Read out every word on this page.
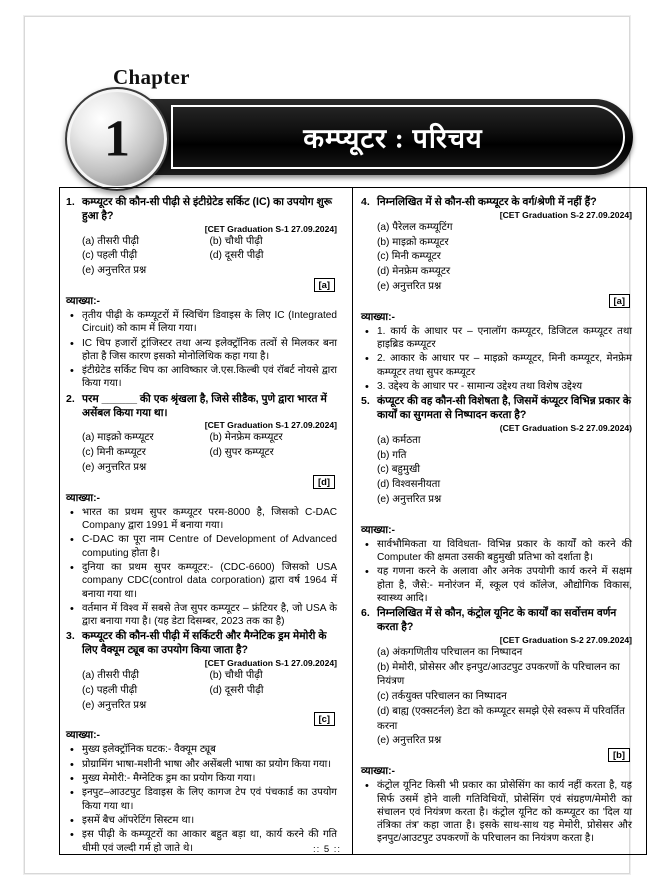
Chapter
कम्प्यूटर : परिचय
1
1. कम्प्यूटर की कौन-सी पीढ़ी से इंटीग्रेटेड सर्किट (IC) का उपयोग शुरू हुआ है?
[CET Graduation S-1 27.09.2024]
(a) तीसरी पीढ़ी	(b) चौथी पीढ़ी
(c) पहली पीढ़ी	(d) दूसरी पीढ़ी
(e) अनुत्तरित प्रश्न
[a]
व्याख्या:-
• तृतीय पीढ़ी के कम्प्यूटरों में स्विचिंग डिवाइस के लिए IC (Integrated Circuit) को काम में लिया गया।
• IC चिप हजारों ट्रांजिस्टर तथा अन्य इलेक्ट्रॉनिक तत्वों से मिलकर बना होता है जिस कारण इसको मोनोलिथिक कहा गया है।
• इंटीग्रेटेड सर्किट चिप का आविष्कार जे.एस.किल्बी एवं रॉबर्ट नोयसे द्वारा किया गया।
2. परम ______ की एक श्रृंखला है, जिसे सीडैक, पुणे द्वारा भारत में असेंबल किया गया था।
[CET Graduation S-1 27.09.2024]
(a) माइक्रो कम्प्यूटर	(b) मेनफ्रेम कम्प्यूटर
(c) मिनी कम्प्यूटर	(d) सुपर कम्प्यूटर
(e) अनुत्तरित प्रश्न
[d]
व्याख्या:-
• भारत का प्रथम सुपर कम्प्यूटर परम-8000 है, जिसको C-DAC Company द्वारा 1991 में बनाया गया।
• C-DAC का पूरा नाम Centre of Development of Advanced computing होता है।
• दुनिया का प्रथम सुपर कम्प्यूटर:- (CDC-6600) जिसको USA company CDC(control data corporation) द्वारा वर्ष 1964 में बनाया गया था।
• वर्तमान में विश्व में सबसे तेज सुपर कम्प्यूटर – फ्रंटियर है, जो USA के द्वारा बनाया गया है। (यह डेटा दिसम्बर, 2023 तक का है)
3. कम्प्यूटर की कौन-सी पीढ़ी में सर्किटरी और मैग्नेटिक ड्रम मेमोरी के लिए वैक्यूम ट्यूब का उपयोग किया जाता है?
[CET Graduation S-1 27.09.2024]
(a) तीसरी पीढ़ी	(b) चौथी पीढ़ी
(c) पहली पीढ़ी	(d) दूसरी पीढ़ी
(e) अनुत्तरित प्रश्न
[c]
व्याख्या:-
• मुख्य इलेक्ट्रॉनिक घटक:- वैक्यूम ट्यूब
• प्रोग्रामिंग भाषा-मशीनी भाषा और असेंबली भाषा का प्रयोग किया गया।
• मुख्य मेमोरी:- मैग्नेटिक ड्रम का प्रयोग किया गया।
• इनपुट–आउटपुट डिवाइस के लिए कागज टेप एवं पंचकार्ड का उपयोग किया गया था।
• इसमें बैच ऑपरेटिंग सिस्टम था।
• इस पीढ़ी के कम्प्यूटरों का आकार बहुत बड़ा था, कार्य करने की गति धीमी एवं जल्दी गर्म हो जाते थे।
4. निम्नलिखित में से कौन-सी कम्प्यूटर के वर्ग/श्रेणी में नहीं हैं?
[CET Graduation S-2 27.09.2024]
(a) पैरेलल कम्प्यूटिंग
(b) माइक्रो कम्प्यूटर
(c) मिनी कम्प्यूटर
(d) मेनफ्रेम कम्प्यूटर
(e) अनुत्तरित प्रश्न
[a]
व्याख्या:-
• 1. कार्य के आधार पर – एनालॉग कम्प्यूटर, डिजिटल कम्प्यूटर तथा हाइब्रिड कम्प्यूटर
• 2. आकार के आधार पर – माइक्रो कम्प्यूटर, मिनी कम्प्यूटर, मेनफ्रेम कम्प्यूटर तथा सुपर कम्प्यूटर
• 3. उद्देश्य के आधार पर - सामान्य उद्देश्य तथा विशेष उद्देश्य
5. कंप्यूटर की वह कौन-सी विशेषता है, जिसमें कंप्यूटर विभिन्न प्रकार के कार्यों का सुगमता से निष्पादन करता है?
(CET Graduation S-2 27.09.2024)
(a) कर्मठता
(b) गति
(c) बहुमुखी
(d) विश्वसनीयता
(e) अनुत्तरित प्रश्न
व्याख्या:-
• सार्वभौमिकता या विविधता- विभिन्न प्रकार के कार्यों को करने की Computer की क्षमता उसकी बहुमुखी प्रतिभा को दर्शाता है।
• यह गणना करने के अलावा और अनेक उपयोगी कार्य करने में सक्षम होता है, जैसे:- मनोरंजन में, स्कूल एवं कॉलेज, औद्योगिक विकास, स्वास्थ्य आदि।
6. निम्नलिखित में से कौन, कंट्रोल यूनिट के कार्यों का सर्वोत्तम वर्णन करता है?
[CET Graduation S-2 27.09.2024]
(a) अंकगणितीय परिचालन का निष्पादन
(b) मेमोरी, प्रोसेसर और इनपुट/आउटपुट उपकरणों के परिचालन का नियंत्रण
(c) तर्कयुक्त परिचालन का निष्पादन
(d) बाह्य (एक्सटर्नल) डेटा को कम्प्यूटर समझे ऐसे स्वरूप में परिवर्तित करना
(e) अनुत्तरित प्रश्न
[b]
व्याख्या:-
• कंट्रोल यूनिट किसी भी प्रकार का प्रोसेसिंग का कार्य नहीं करता है, यह सिर्फ उसमें होने वाली गतिविधियों, प्रोसेसिंग एवं संग्रहण/मेमोरी का संचालन एवं नियंत्रण करता है। कंट्रोल यूनिट को कम्प्यूटर का 'दिल या तंत्रिका तंत्र' कहा जाता है। इसके साथ-साथ यह मेमोरी, प्रोसेसर और इनपुट/आउटपुट उपकरणों के परिचालन का नियंत्रण करता है।
:: 5 ::
